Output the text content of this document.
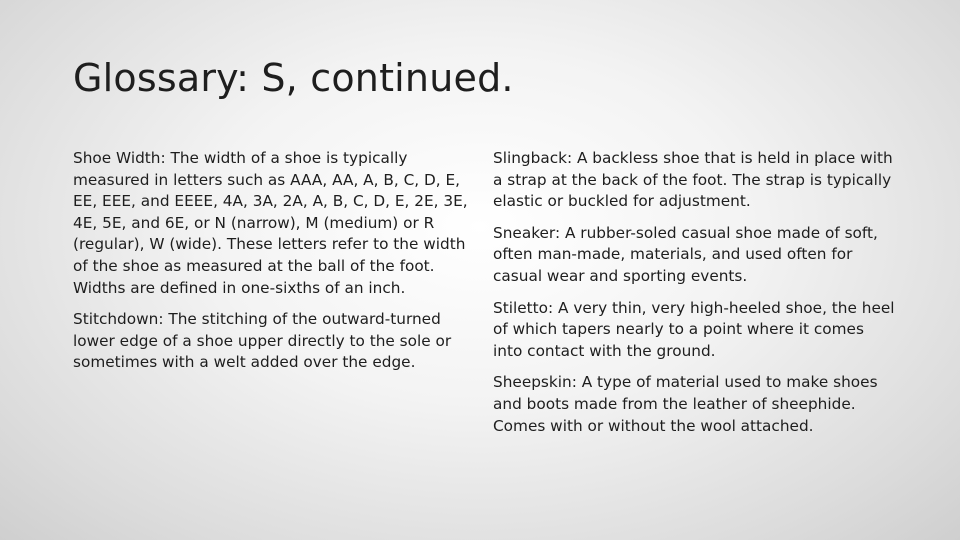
Glossary: S, continued.

Shoe Width: The width of a shoe is typically measured in letters such as AAA, AA, A, B, C, D, E, EE, EEE, and EEEE, 4A, 3A, 2A, A, B, C, D, E, 2E, 3E, 4E, 5E, and 6E, or N (narrow), M (medium) or R (regular), W (wide). These letters refer to the width of the shoe as measured at the ball of the foot. Widths are defined in one-sixths of an inch.

Stitchdown: The stitching of the outward-turned lower edge of a shoe upper directly to the sole or sometimes with a welt added over the edge.

Slingback: A backless shoe that is held in place with a strap at the back of the foot. The strap is typically elastic or buckled for adjustment.

Sneaker: A rubber-soled casual shoe made of soft, often man-made, materials, and used often for casual wear and sporting events.

Stiletto: A very thin, very high-heeled shoe, the heel of which tapers nearly to a point where it comes into contact with the ground.

Sheepskin: A type of material used to make shoes and boots made from the leather of sheephide. Comes with or without the wool attached.
